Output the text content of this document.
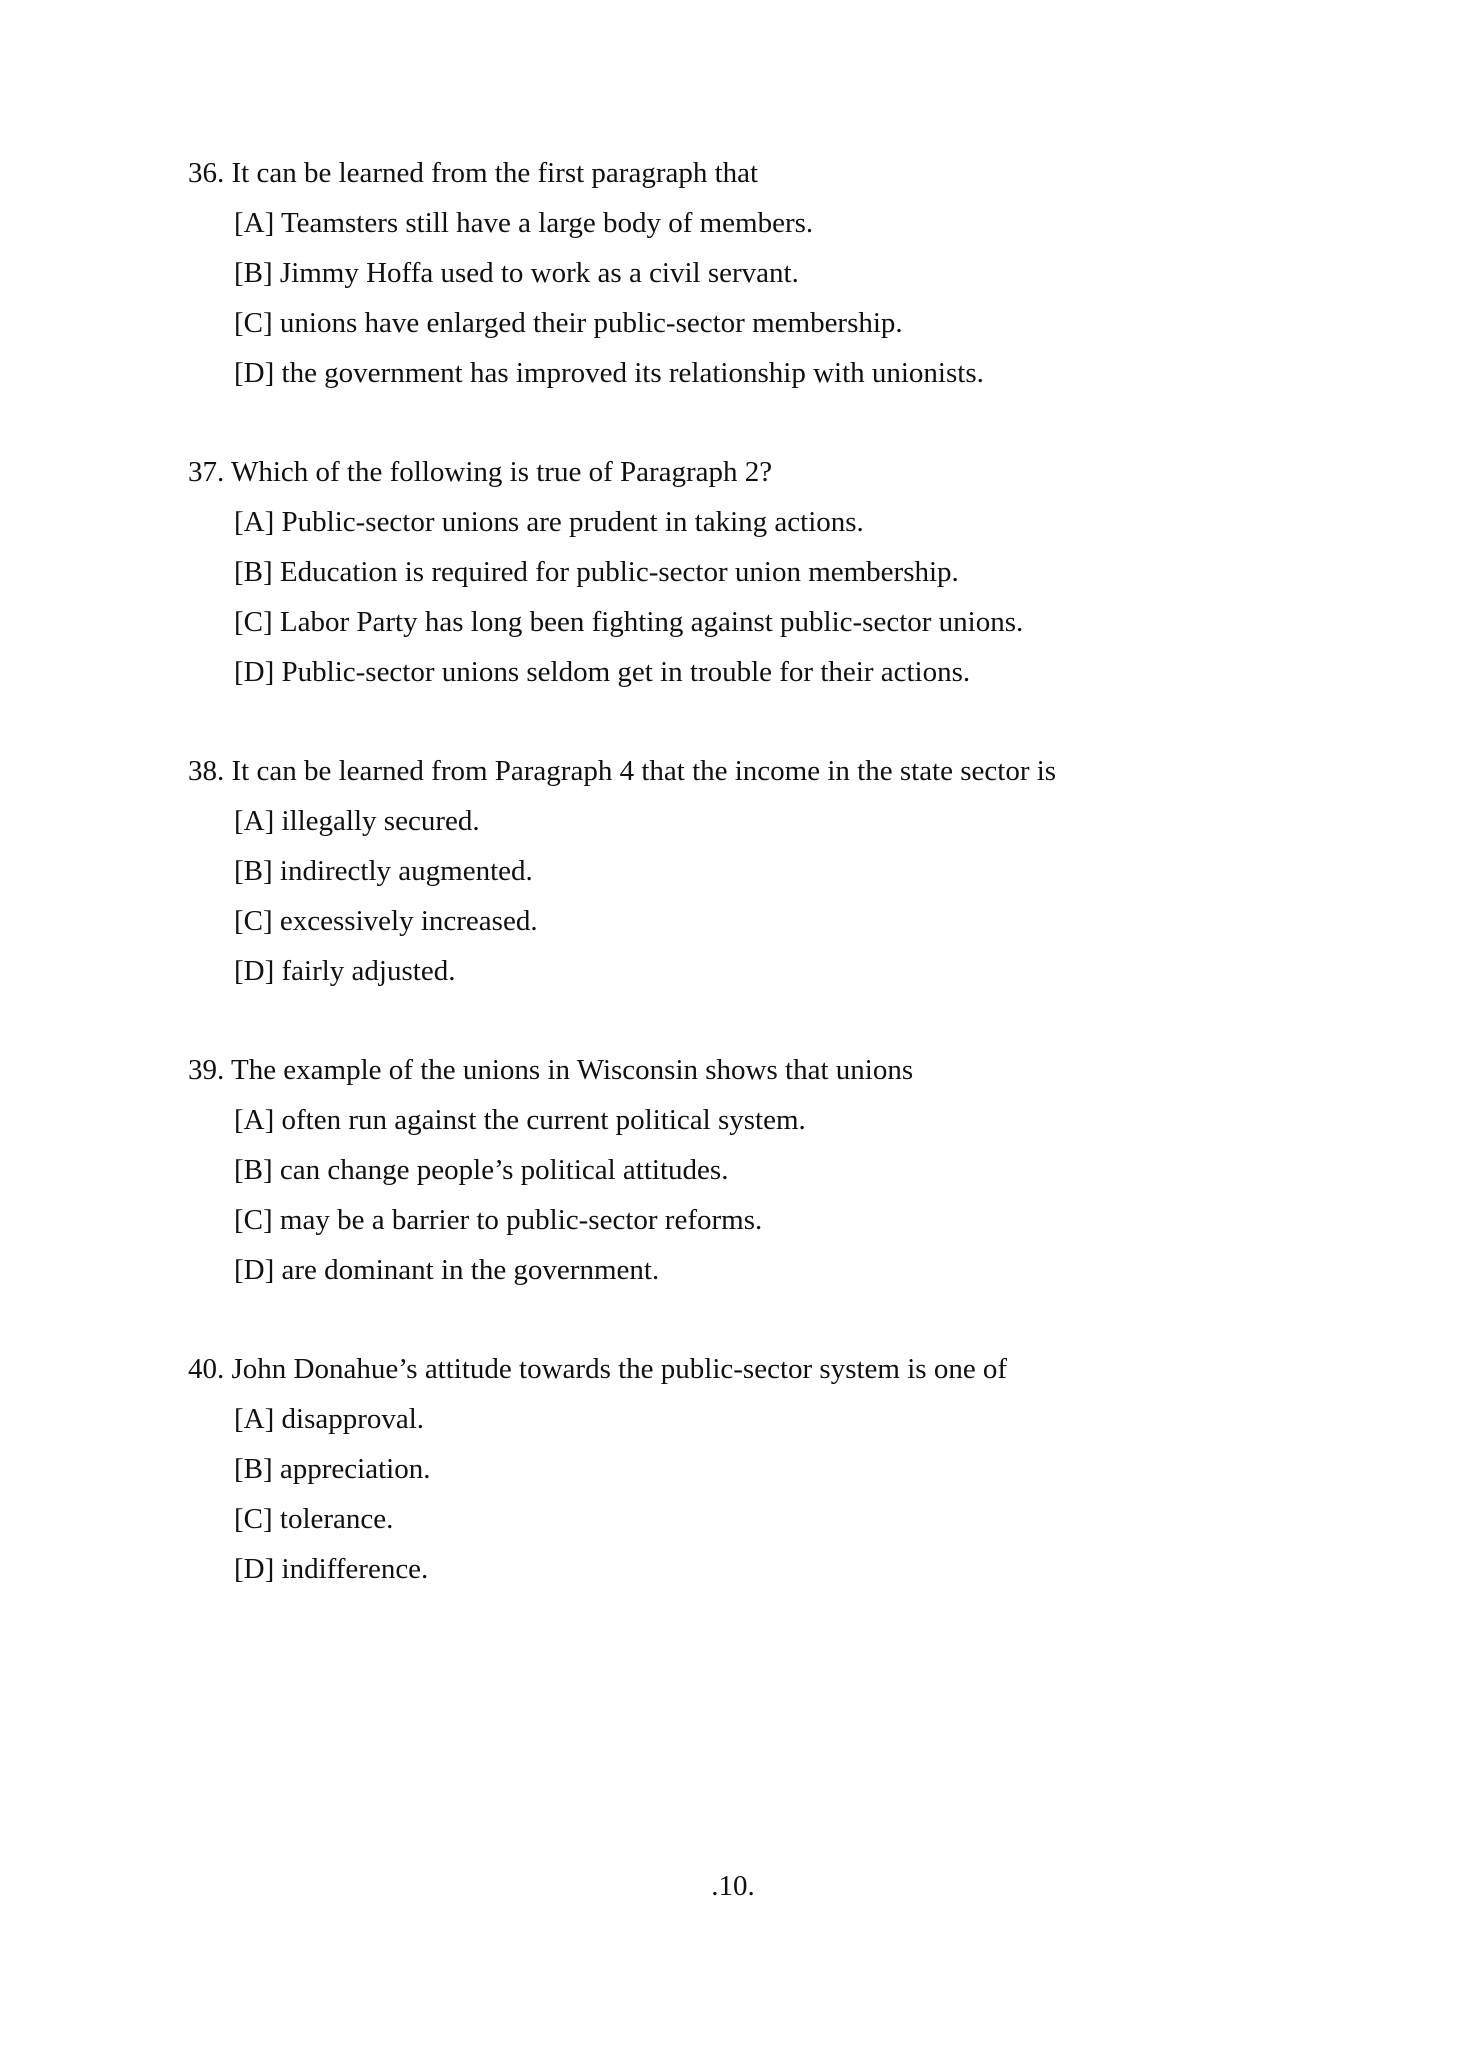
36. It can be learned from the first paragraph that
[A] Teamsters still have a large body of members.
[B] Jimmy Hoffa used to work as a civil servant.
[C] unions have enlarged their public-sector membership.
[D] the government has improved its relationship with unionists.
37. Which of the following is true of Paragraph 2?
[A] Public-sector unions are prudent in taking actions.
[B] Education is required for public-sector union membership.
[C] Labor Party has long been fighting against public-sector unions.
[D] Public-sector unions seldom get in trouble for their actions.
38. It can be learned from Paragraph 4 that the income in the state sector is
[A] illegally secured.
[B] indirectly augmented.
[C] excessively increased.
[D] fairly adjusted.
39. The example of the unions in Wisconsin shows that unions
[A] often run against the current political system.
[B] can change people’s political attitudes.
[C] may be a barrier to public-sector reforms.
[D] are dominant in the government.
40. John Donahue’s attitude towards the public-sector system is one of
[A] disapproval.
[B] appreciation.
[C] tolerance.
[D] indifference.
.10.
